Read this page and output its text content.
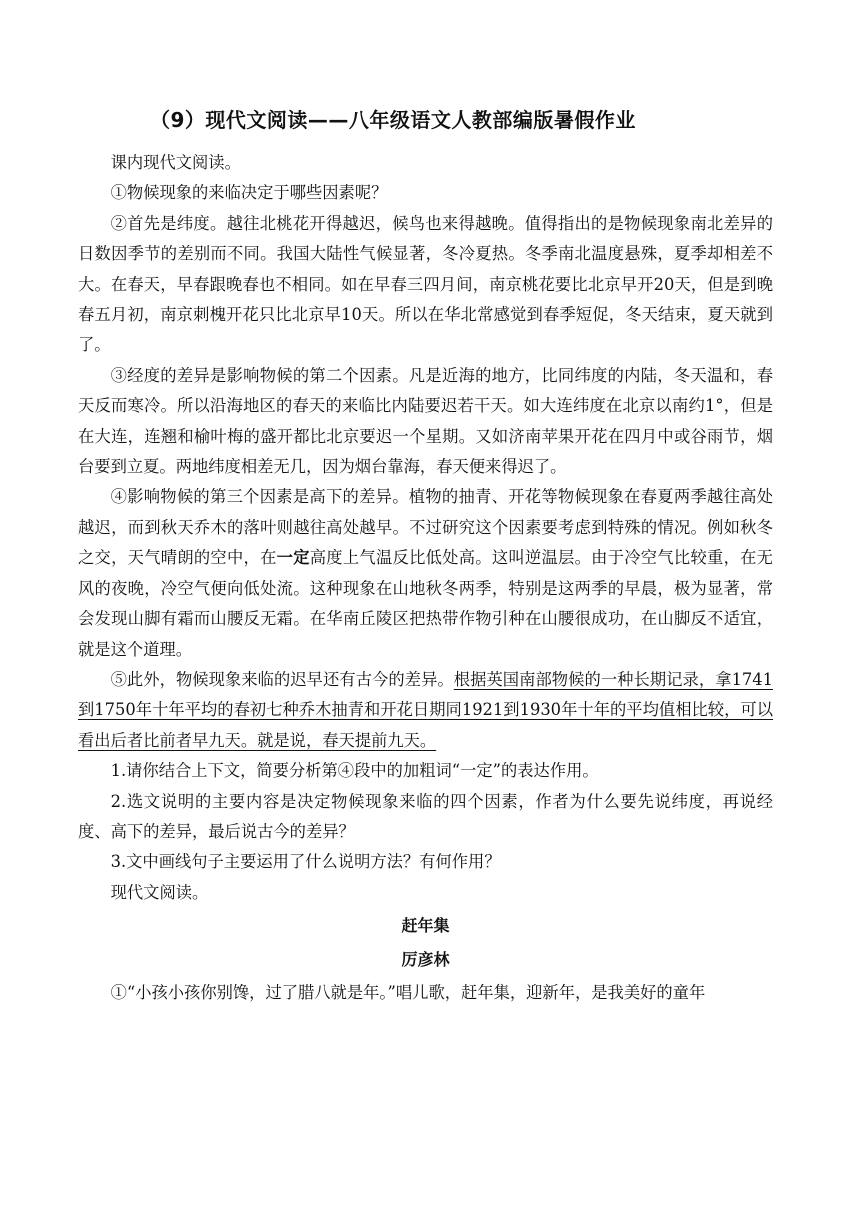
（9）现代文阅读——八年级语文人教部编版暑假作业

课内现代文阅读。

①物候现象的来临决定于哪些因素呢？

②首先是纬度。越往北桃花开得越迟，候鸟也来得越晚。值得指出的是物候现象南北差异的日数因季节的差别而不同。我国大陆性气候显著，冬冷夏热。冬季南北温度悬殊，夏季却相差不大。在春天，早春跟晚春也不相同。如在早春三四月间，南京桃花要比北京早开20天，但是到晚春五月初，南京刺槐开花只比北京早10天。所以在华北常感觉到春季短促，冬天结束，夏天就到了。

③经度的差异是影响物候的第二个因素。凡是近海的地方，比同纬度的内陆，冬天温和，春天反而寒冷。所以沿海地区的春天的来临比内陆要迟若干天。如大连纬度在北京以南约1°，但是在大连，连翘和榆叶梅的盛开都比北京要迟一个星期。又如济南苹果开花在四月中或谷雨节，烟台要到立夏。两地纬度相差无几，因为烟台靠海，春天便来得迟了。

④影响物候的第三个因素是高下的差异。植物的抽青、开花等物候现象在春夏两季越往高处越迟，而到秋天乔木的落叶则越往高处越早。不过研究这个因素要考虑到特殊的情况。例如秋冬之交，天气晴朗的空中，在一定高度上气温反比低处高。这叫逆温层。由于冷空气比较重，在无风的夜晚，冷空气便向低处流。这种现象在山地秋冬两季，特别是这两季的早晨，极为显著，常会发现山脚有霜而山腰反无霜。在华南丘陵区把热带作物引种在山腰很成功，在山脚反不适宜，就是这个道理。

⑤此外，物候现象来临的迟早还有古今的差异。根据英国南部物候的一种长期记录，拿1741到1750年十年平均的春初七种乔木抽青和开花日期同1921到1930年十年的平均值相比较，可以看出后者比前者早九天。就是说，春天提前九天。

1.请你结合上下文，简要分析第④段中的加粗词“一定”的表达作用。

2.选文说明的主要内容是决定物候现象来临的四个因素，作者为什么要先说纬度，再说经度、高下的差异，最后说古今的差异？

3.文中画线句子主要运用了什么说明方法？有何作用？

现代文阅读。

赶年集

厉彦林

①“小孩小孩你别馋，过了腊八就是年。”唱儿歌，赶年集，迎新年，是我美好的童年
